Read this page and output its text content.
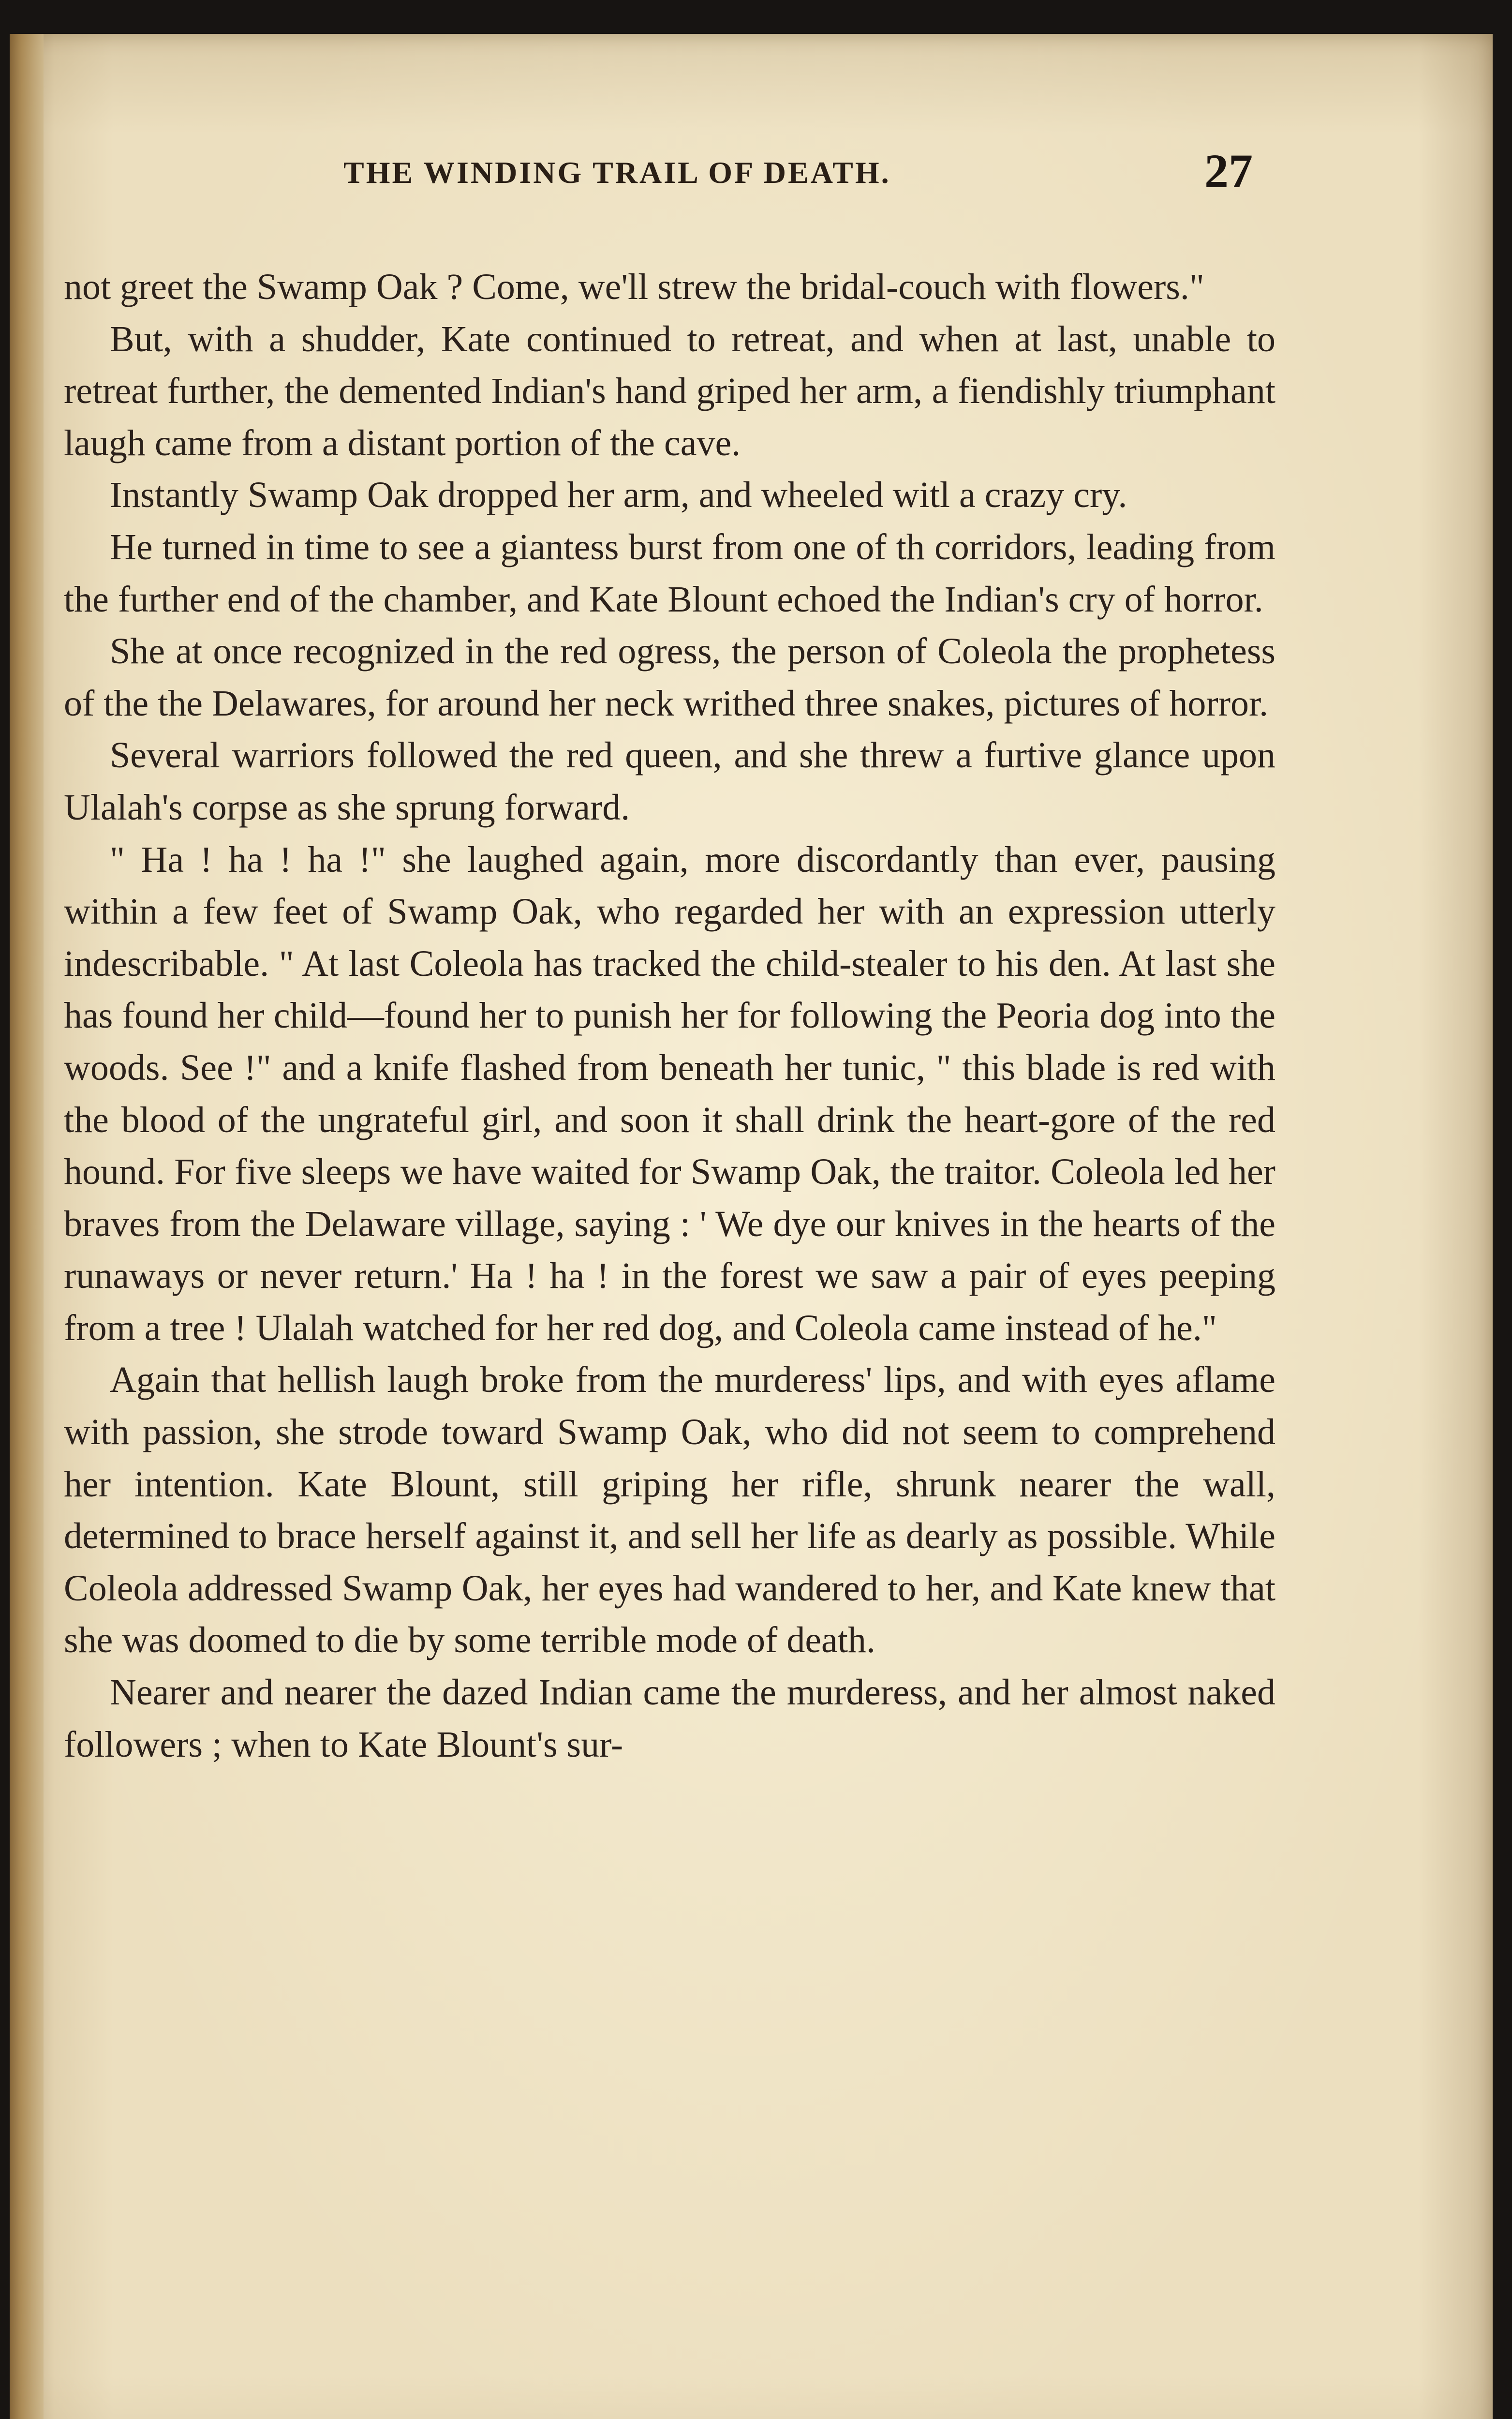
THE WINDING TRAIL OF DEATH.	27

not greet the Swamp Oak ? Come, we'll strew the bridal-couch with flowers."

But, with a shudder, Kate continued to retreat, and when at last, unable to retreat further, the demented Indian's hand griped her arm, a fiendishly triumphant laugh came from a distant portion of the cave.

Instantly Swamp Oak dropped her arm, and wheeled witl a crazy cry.

He turned in time to see a giantess burst from one of th corridors, leading from the further end of the chamber, and Kate Blount echoed the Indian's cry of horror.

She at once recognized in the red ogress, the person of Coleola the prophetess of the the Delawares, for around her neck writhed three snakes, pictures of horror.

Several warriors followed the red queen, and she threw a furtive glance upon Ulalah's corpse as she sprung forward.

" Ha ! ha ! ha !" she laughed again, more discordantly than ever, pausing within a few feet of Swamp Oak, who regarded her with an expression utterly indescribable. " At last Coleola has tracked the child-stealer to his den. At last she has found her child—found her to punish her for following the Peoria dog into the woods. See !" and a knife flashed from beneath her tunic, " this blade is red with the blood of the ungrateful girl, and soon it shall drink the heart-gore of the red hound. For five sleeps we have waited for Swamp Oak, the traitor. Coleola led her braves from the Delaware village, saying : ' We dye our knives in the hearts of the runaways or never return.' Ha ! ha ! in the forest we saw a pair of eyes peeping from a tree ! Ulalah watched for her red dog, and Coleola came instead of he."

Again that hellish laugh broke from the murderess' lips, and with eyes aflame with passion, she strode toward Swamp Oak, who did not seem to comprehend her intention. Kate Blount, still griping her rifle, shrunk nearer the wall, determined to brace herself against it, and sell her life as dearly as possible. While Coleola addressed Swamp Oak, her eyes had wandered to her, and Kate knew that she was doomed to die by some terrible mode of death.

Nearer and nearer the dazed Indian came the murderess, and her almost naked followers ; when to Kate Blount's sur-
